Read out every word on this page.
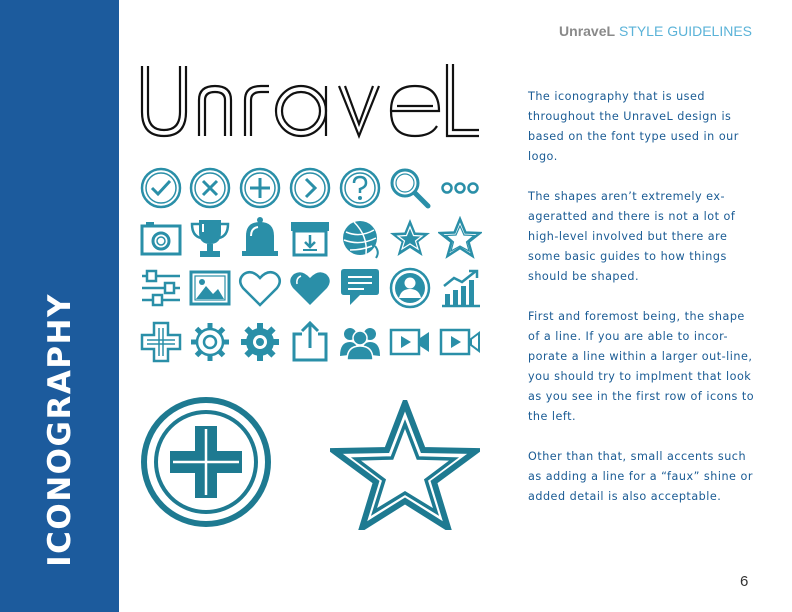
ICONOGRAPHY
UnraveL STYLE GUIDELINES

The iconography that is used throughout the UnraveL design is based on the font type used in our logo.

The shapes aren’t extremely ex-ageratted and there is not a lot of high-level involved but there are some basic guides to how things should be shaped.

First and foremost being, the shape of a line. If you are able to incor-porate a line within a larger out-line, you should try to implment that look as you see in the first row of icons to the left.

Other than that, small accents such as adding a line for a “faux” shine or added detail is also acceptable.

6
